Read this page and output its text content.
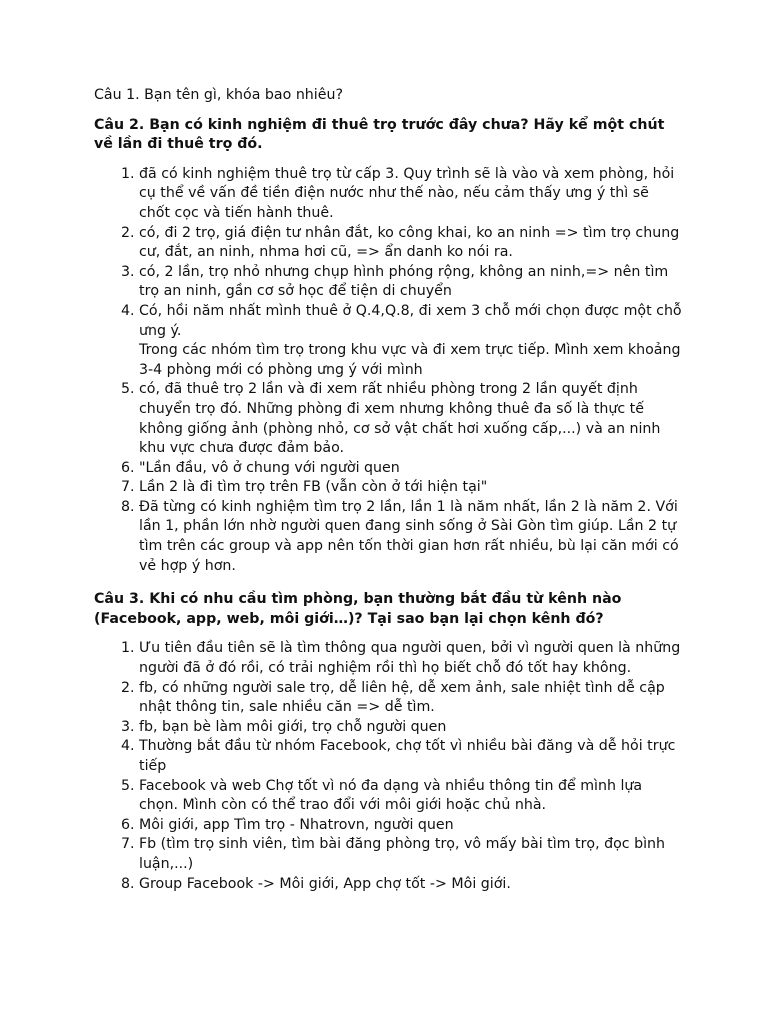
Câu 1. Bạn tên gì, khóa bao nhiêu?

Câu 2. Bạn có kinh nghiệm đi thuê trọ trước đây chưa? Hãy kể một chút về lần đi thuê trọ đó.

1. đã có kinh nghiệm thuê trọ từ cấp 3. Quy trình sẽ là vào và xem phòng, hỏi cụ thể về vấn đề tiền điện nước như thế nào, nếu cảm thấy ưng ý thì sẽ chốt cọc và tiến hành thuê.
2. có, đi 2 trọ, giá điện tư nhân đắt, ko công khai, ko an ninh => tìm trọ chung cư, đắt, an ninh, nhma hơi cũ, => ẩn danh ko nói ra.
3. có, 2 lần, trọ nhỏ nhưng chụp hình phóng rộng, không an ninh,=> nên tìm trọ an ninh, gần cơ sở học để tiện di chuyển
4. Có, hồi năm nhất mình thuê ở Q.4,Q.8, đi xem 3 chỗ mới chọn được một chỗ ưng ý.
Trong các nhóm tìm trọ trong khu vực và đi xem trực tiếp. Mình xem khoảng 3-4 phòng mới có phòng ưng ý với mình
5. có, đã thuê trọ 2 lần và đi xem rất nhiều phòng trong 2 lần quyết định chuyển trọ đó. Những phòng đi xem nhưng không thuê đa số là thực tế không giống ảnh (phòng nhỏ, cơ sở vật chất hơi xuống cấp,...) và an ninh khu vực chưa được đảm bảo.
6. "Lần đầu, vô ở chung với người quen
7. Lần 2 là đi tìm trọ trên FB (vẫn còn ở tới hiện tại"
8. Đã từng có kinh nghiệm tìm trọ 2 lần, lần 1 là năm nhất, lần 2 là năm 2. Với lần 1, phần lớn nhờ người quen đang sinh sống ở Sài Gòn tìm giúp. Lần 2 tự tìm trên các group và app nên tốn thời gian hơn rất nhiều, bù lại căn mới có vẻ hợp ý hơn.

Câu 3. Khi có nhu cầu tìm phòng, bạn thường bắt đầu từ kênh nào (Facebook, app, web, môi giới…)? Tại sao bạn lại chọn kênh đó?

1. Ưu tiên đầu tiên sẽ là tìm thông qua người quen, bởi vì người quen là những người đã ở đó rồi, có trải nghiệm rồi thì họ biết chỗ đó tốt hay không.
2. fb, có những người sale trọ, dễ liên hệ, dễ xem ảnh, sale nhiệt tình dễ cập nhật thông tin, sale nhiều căn => dễ tìm.
3. fb, bạn bè làm môi giới, trọ chỗ người quen
4. Thường bắt đầu từ nhóm Facebook, chợ tốt vì nhiều bài đăng và dễ hỏi trực tiếp
5. Facebook và web Chợ tốt vì nó đa dạng và nhiều thông tin để mình lựa chọn. Mình còn có thể trao đổi với môi giới hoặc chủ nhà.
6. Môi giới, app Tìm trọ - Nhatrovn, người quen
7. Fb (tìm trọ sinh viên, tìm bài đăng phòng trọ, vô mấy bài tìm trọ, đọc bình luận,...)
8. Group Facebook -> Môi giới, App chợ tốt -> Môi giới.
